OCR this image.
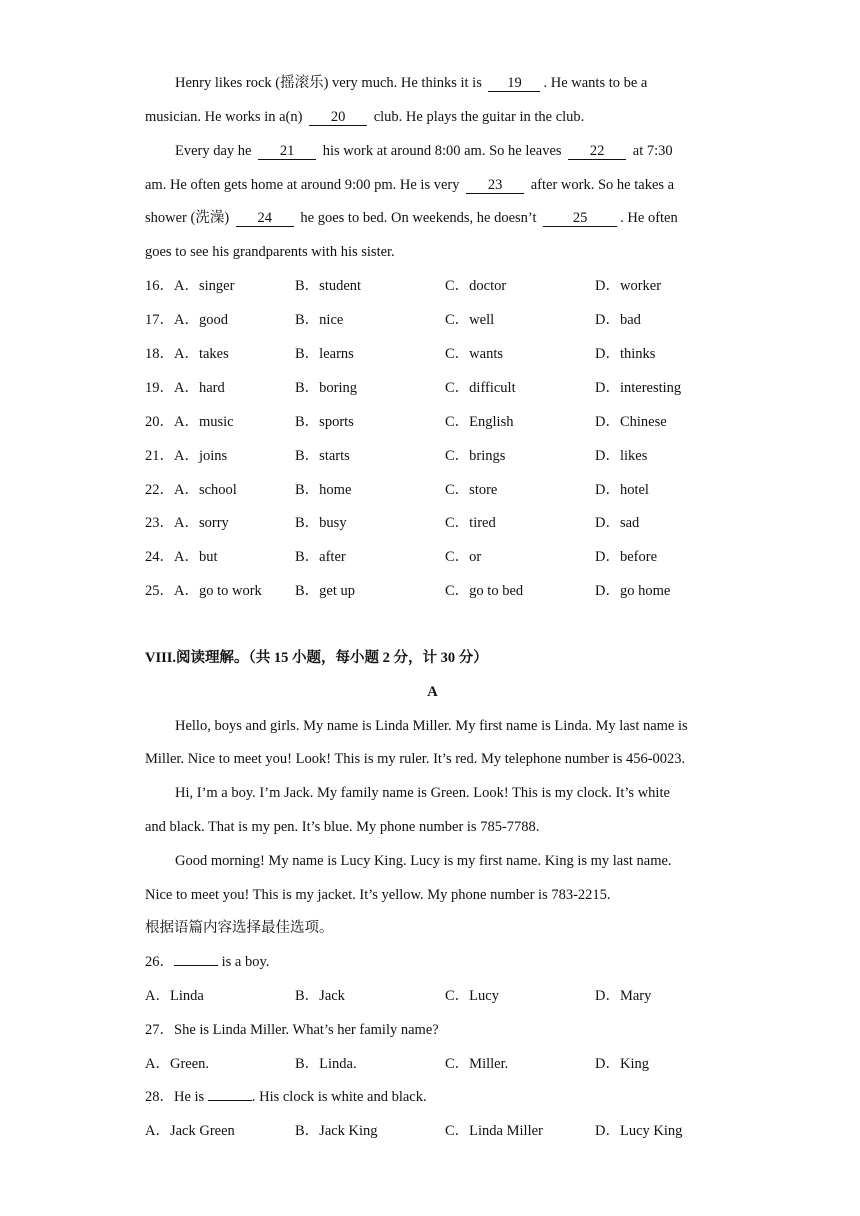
Henry likes rock (摇滚乐) very much. He thinks it is 19 . He wants to be a
musician. He works in a(n) 20 club. He plays the guitar in the club.
Every day he 21 his work at around 8:00 am. So he leaves 22 at 7:30
am. He often gets home at around 9:00 pm. He is very 23 after work. So he takes a
shower (洗澡) 24 he goes to bed. On weekends, he doesn’t 25 . He often
goes to see his grandparents with his sister.
16．A．singer	B．student	C．doctor	D．worker
17．A．good	B．nice	C．well	D．bad
18．A．takes	B．learns	C．wants	D．thinks
19．A．hard	B．boring	C．difficult	D．interesting
20．A．music	B．sports	C．English	D．Chinese
21．A．joins	B．starts	C．brings	D．likes
22．A．school	B．home	C．store	D．hotel
23．A．sorry	B．busy	C．tired	D．sad
24．A．but	B．after	C．or	D．before
25．A．go to work B．get up	C．go to bed	D．go home
VIII.阅读理解。（共 15 小题，每小题 2 分，计 30 分）
A
Hello, boys and girls. My name is Linda Miller. My first name is Linda. My last name is
Miller. Nice to meet you! Look! This is my ruler. It’s red. My telephone number is 456-0023.
Hi, I’m a boy. I’m Jack. My family name is Green. Look! This is my clock. It’s white
and black. That is my pen. It’s blue. My phone number is 785-7788.
Good morning! My name is Lucy King. Lucy is my first name. King is my last name.
Nice to meet you! This is my jacket. It’s yellow. My phone number is 783-2215.
根据语篇内容选择最佳选项。
26．	is a boy.
A．Linda	B．Jack	C．Lucy	D．Mary
27．She is Linda Miller. What’s her family name?
A．Green.	B．Linda.	C．Miller.	D．King
28．He is	. His clock is white and black.
A．Jack Green	B．Jack King	C．Linda Miller	D．Lucy King
